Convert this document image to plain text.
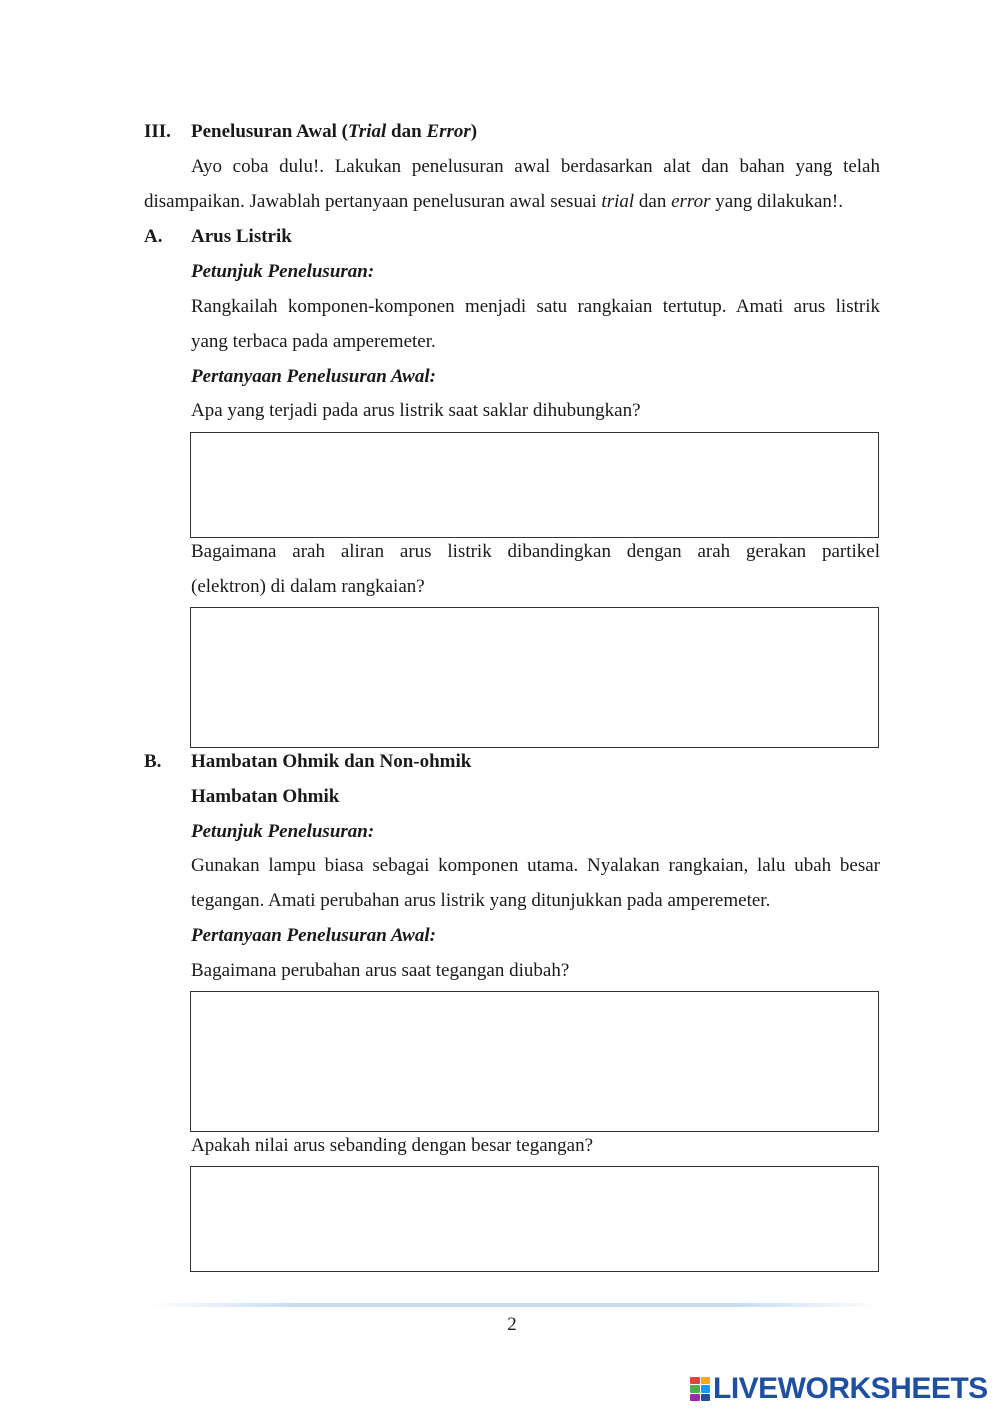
III. Penelusuran Awal (Trial dan Error)
Ayo coba dulu!. Lakukan penelusuran awal berdasarkan alat dan bahan yang telah
disampaikan. Jawablah pertanyaan penelusuran awal sesuai trial dan error yang dilakukan!.
A. Arus Listrik
Petunjuk Penelusuran:
Rangkailah komponen-komponen menjadi satu rangkaian tertutup. Amati arus listrik
yang terbaca pada amperemeter.
Pertanyaan Penelusuran Awal:
Apa yang terjadi pada arus listrik saat saklar dihubungkan?
Bagaimana arah aliran arus listrik dibandingkan dengan arah gerakan partikel
(elektron) di dalam rangkaian?
B. Hambatan Ohmik dan Non-ohmik
Hambatan Ohmik
Petunjuk Penelusuran:
Gunakan lampu biasa sebagai komponen utama. Nyalakan rangkaian, lalu ubah besar
tegangan. Amati perubahan arus listrik yang ditunjukkan pada amperemeter.
Pertanyaan Penelusuran Awal:
Bagaimana perubahan arus saat tegangan diubah?
Apakah nilai arus sebanding dengan besar tegangan?
2
LIVEWORKSHEETS
